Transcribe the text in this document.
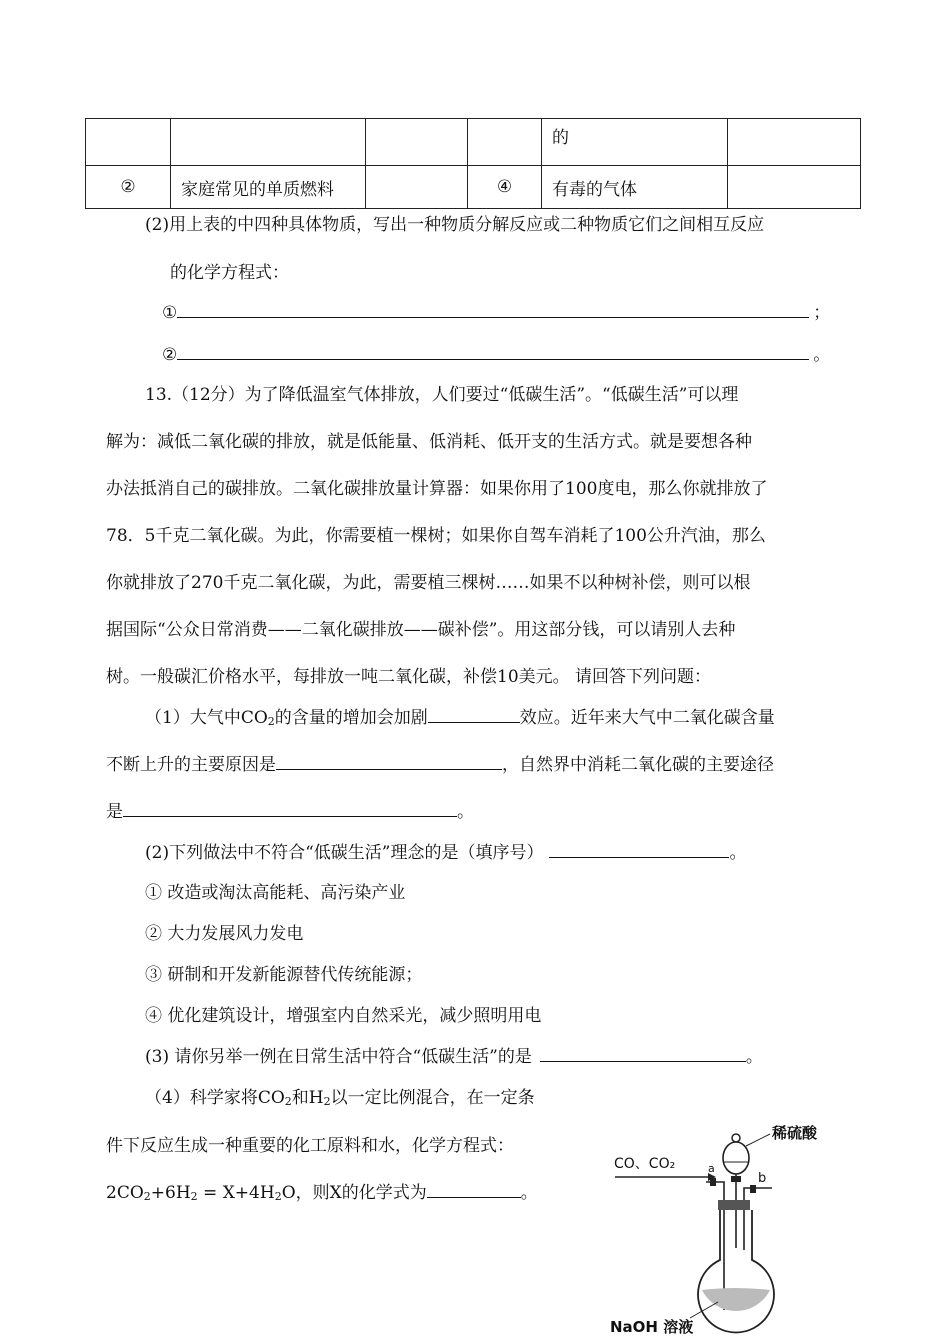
				的	
②	家庭常见的单质燃料		④	有毒的气体	
(2)用上表的中四种具体物质，写出一种物质分解反应或二种物质它们之间相互反应
的化学方程式：
①	；
②	。
13.（12分）为了降低温室气体排放，人们要过“低碳生活”。“低碳生活”可以理
解为：减低二氧化碳的排放，就是低能量、低消耗、低开支的生活方式。就是要想各种
办法抵消自己的碳排放。二氧化碳排放量计算器：如果你用了100度电，那么你就排放了
78．5千克二氧化碳。为此，你需要植一棵树；如果你自驾车消耗了100公升汽油，那么
你就排放了270千克二氧化碳，为此，需要植三棵树……如果不以种树补偿，则可以根
据国际“公众日常消费——二氧化碳排放——碳补偿”。用这部分钱，可以请别人去种
树。一般碳汇价格水平，每排放一吨二氧化碳，补偿10美元。 请回答下列问题：
（1）大气中$CO_2$的含量的增加会加剧	效应。近年来大气中二氧化碳含量
不断上升的主要原因是	，自然界中消耗二氧化碳的主要途径
是	。
(2)下列做法中不符合“低碳生活”理念的是（填序号）	。
① 改造或淘汰高能耗、高污染产业
② 大力发展风力发电
③ 研制和开发新能源替代传统能源；
④ 优化建筑设计，增强室内自然采光，减少照明用电
(3) 请你另举一例在日常生活中符合“低碳生活”的是	。
（4）科学家将$CO_2$和$H_2$以一定比例混合，在一定条
件下反应生成一种重要的化工原料和水，化学方程式：
$2CO_2+6H_2 = X+4H_2O$，则X的化学式为	。
稀硫酸
CO、CO₂	a
b
NaOH 溶液
